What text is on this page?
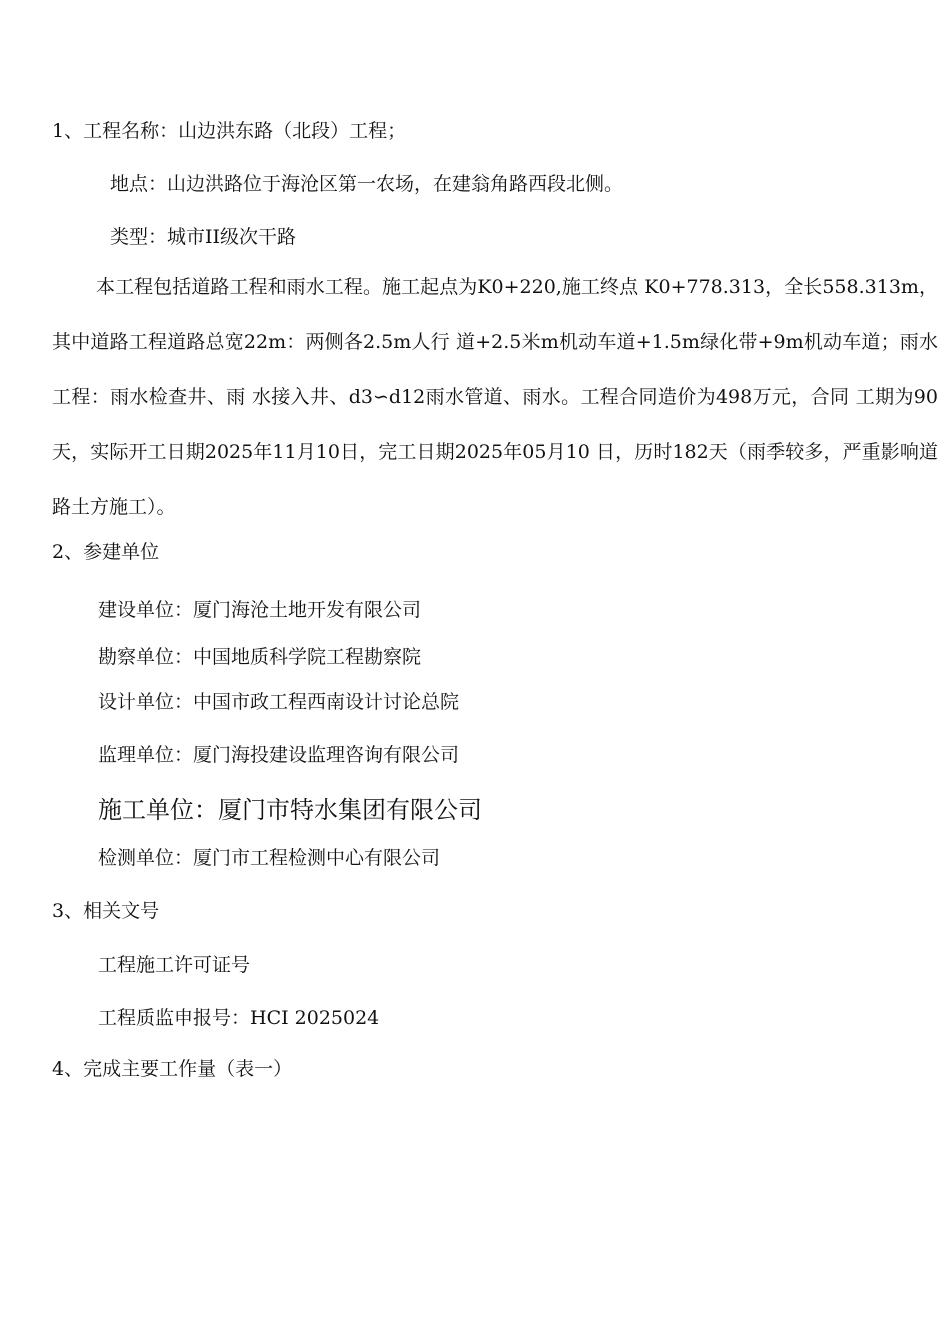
1、工程名称：山边洪东路（北段）工程；
地点：山边洪路位于海沧区第一农场，在建翁角路西段北侧。
类型：城市II级次干路
本工程包括道路工程和雨水工程。施工起点为K0+220,施工终点 K0+778.313，全长558.313m，其中道路工程道路总宽22m：两侧各2.5m人行 道+2.5米m机动车道+1.5m绿化带+9m机动车道；雨水工程：雨水检查井、雨 水接入井、d3∽d12雨水管道、雨水。工程合同造价为498万元，合同 工期为90天，实际开工日期2025年11月10日，完工日期2025年05月10 日，历时182天（雨季较多，严重影响道路土方施工）。
2、参建单位
建设单位：厦门海沧土地开发有限公司
勘察单位：中国地质科学院工程勘察院
设计单位：中国市政工程西南设计讨论总院
监理单位：厦门海投建设监理咨询有限公司
施工单位：厦门市特水集团有限公司
检测单位：厦门市工程检测中心有限公司
3、相关文号
工程施工许可证号
工程质监申报号：HCI 2025024
4、完成主要工作量（表一）
